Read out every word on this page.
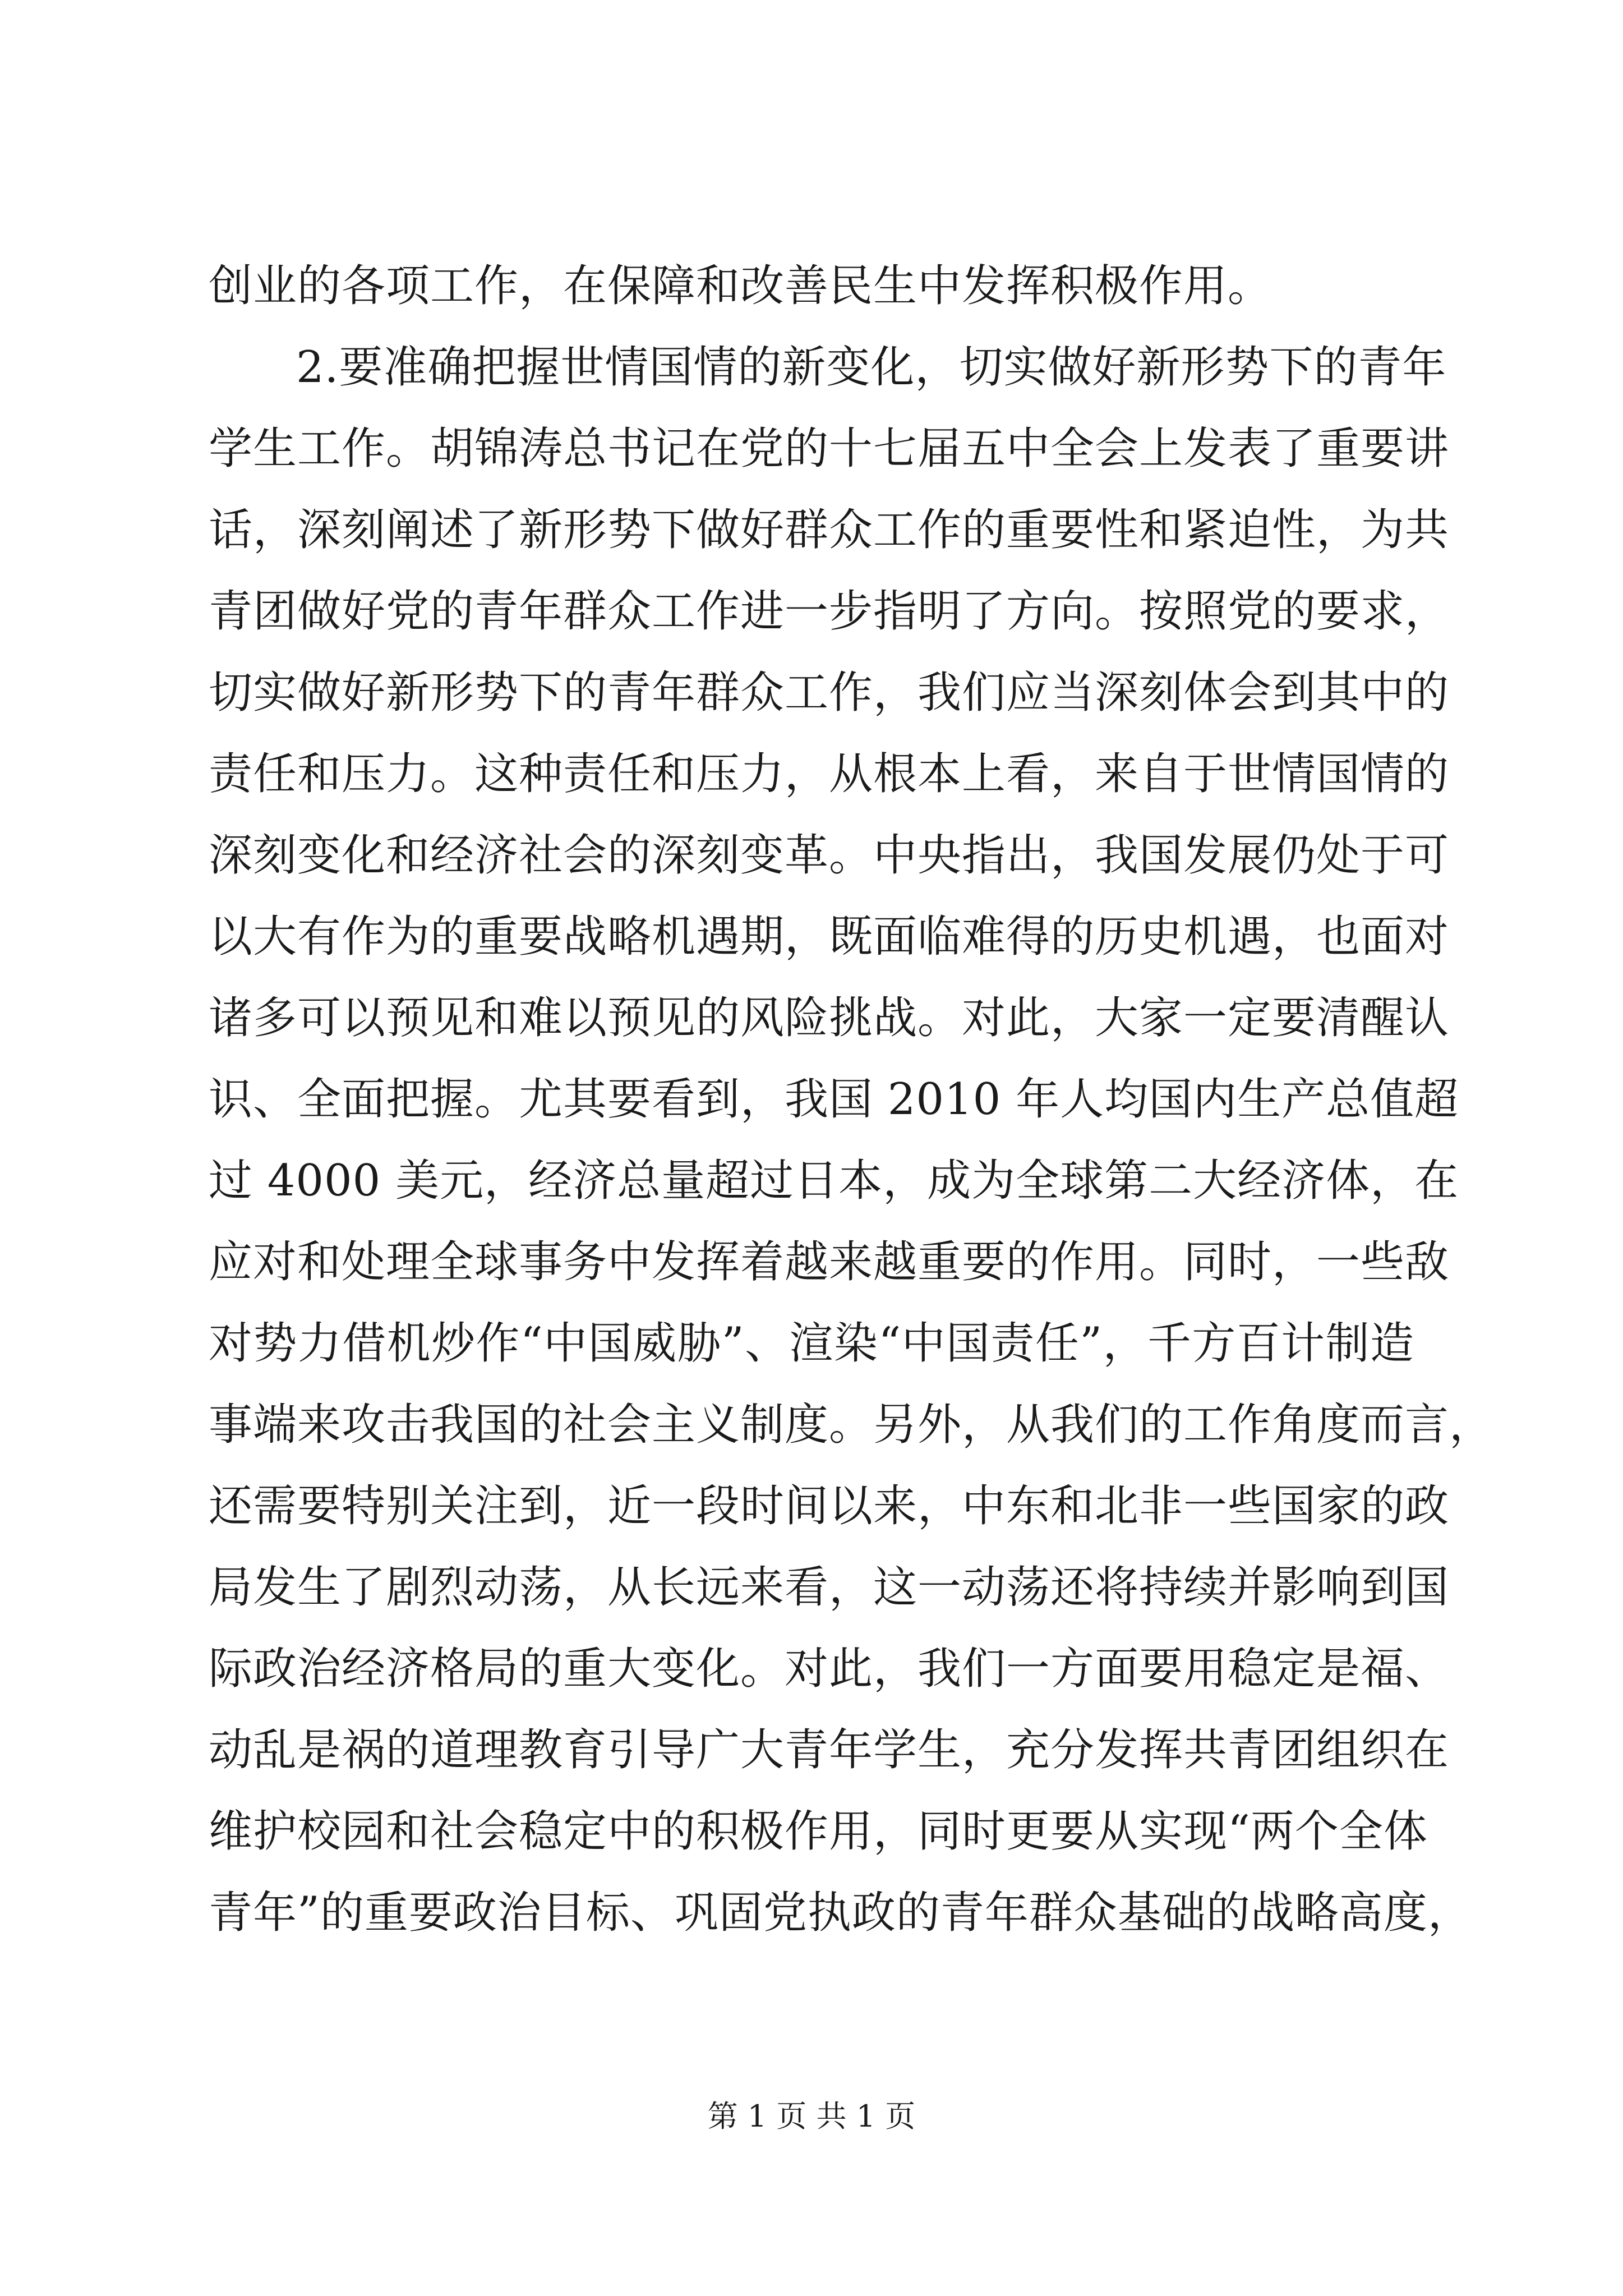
创业的各项工作，在保障和改善民生中发挥积极作用。
2.要准确把握世情国情的新变化，切实做好新形势下的青年
学生工作。胡锦涛总书记在党的十七届五中全会上发表了重要讲
话，深刻阐述了新形势下做好群众工作的重要性和紧迫性，为共
青团做好党的青年群众工作进一步指明了方向。按照党的要求，
切实做好新形势下的青年群众工作，我们应当深刻体会到其中的
责任和压力。这种责任和压力，从根本上看，来自于世情国情的
深刻变化和经济社会的深刻变革。中央指出，我国发展仍处于可
以大有作为的重要战略机遇期，既面临难得的历史机遇，也面对
诸多可以预见和难以预见的风险挑战。对此，大家一定要清醒认
识、全面把握。尤其要看到，我国 2010 年人均国内生产总值超
过 4000 美元，经济总量超过日本，成为全球第二大经济体，在
应对和处理全球事务中发挥着越来越重要的作用。同时，一些敌
对势力借机炒作“中国威胁”、渲染“中国责任”，千方百计制造
事端来攻击我国的社会主义制度。另外，从我们的工作角度而言，
还需要特别关注到，近一段时间以来，中东和北非一些国家的政
局发生了剧烈动荡，从长远来看，这一动荡还将持续并影响到国
际政治经济格局的重大变化。对此，我们一方面要用稳定是福、
动乱是祸的道理教育引导广大青年学生，充分发挥共青团组织在
维护校园和社会稳定中的积极作用，同时更要从实现“两个全体
青年”的重要政治目标、巩固党执政的青年群众基础的战略高度，
第 1 页 共 1 页
